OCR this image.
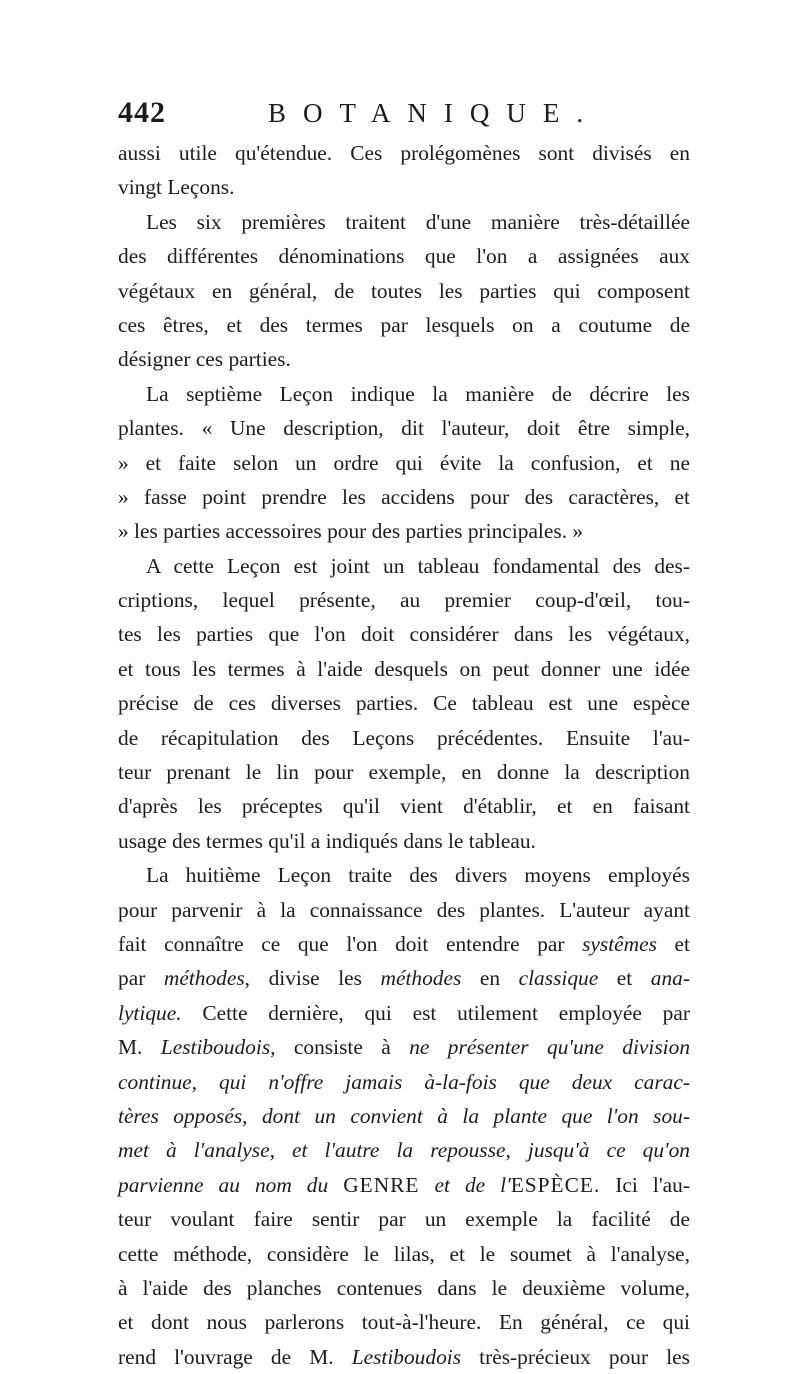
442	BOTANIQUE.
aussi utile qu'étendue. Ces prolégomènes sont divisés en
vingt Leçons.
Les six premières traitent d'une manière très-détaillée
des différentes dénominations que l'on a assignées aux
végétaux en général, de toutes les parties qui composent
ces êtres, et des termes par lesquels on a coutume de
désigner ces parties.
La septième Leçon indique la manière de décrire les
plantes. « Une description, dit l'auteur, doit être simple,
» et faite selon un ordre qui évite la confusion, et ne
» fasse point prendre les accidens pour des caractères, et
» les parties accessoires pour des parties principales. »
A cette Leçon est joint un tableau fondamental des des-
criptions, lequel présente, au premier coup-d'œil, tou-
tes les parties que l'on doit considérer dans les végétaux,
et tous les termes à l'aide desquels on peut donner une idée
précise de ces diverses parties. Ce tableau est une espèce
de récapitulation des Leçons précédentes. Ensuite l'au-
teur prenant le lin pour exemple, en donne la description
d'après les préceptes qu'il vient d'établir, et en faisant
usage des termes qu'il a indiqués dans le tableau.
La huitième Leçon traite des divers moyens employés
pour parvenir à la connaissance des plantes. L'auteur ayant
fait connaître ce que l'on doit entendre par systêmes et
par méthodes, divise les méthodes en classique et ana-
lytique. Cette dernière, qui est utilement employée par
M. Lestiboudois, consiste à ne présenter qu'une division
continue, qui n'offre jamais à-la-fois que deux carac-
tères opposés, dont un convient à la plante que l'on sou-
met à l'analyse, et l'autre la repousse, jusqu'à ce qu'on
parvienne au nom du GENRE et de l'ESPÈCE. Ici l'au-
teur voulant faire sentir par un exemple la facilité de
cette méthode, considère le lilas, et le soumet à l'analyse,
à l'aide des planches contenues dans le deuxième volume,
et dont nous parlerons tout-à-l'heure. En général, ce qui
rend l'ouvrage de M. Lestiboudois très-précieux pour les
